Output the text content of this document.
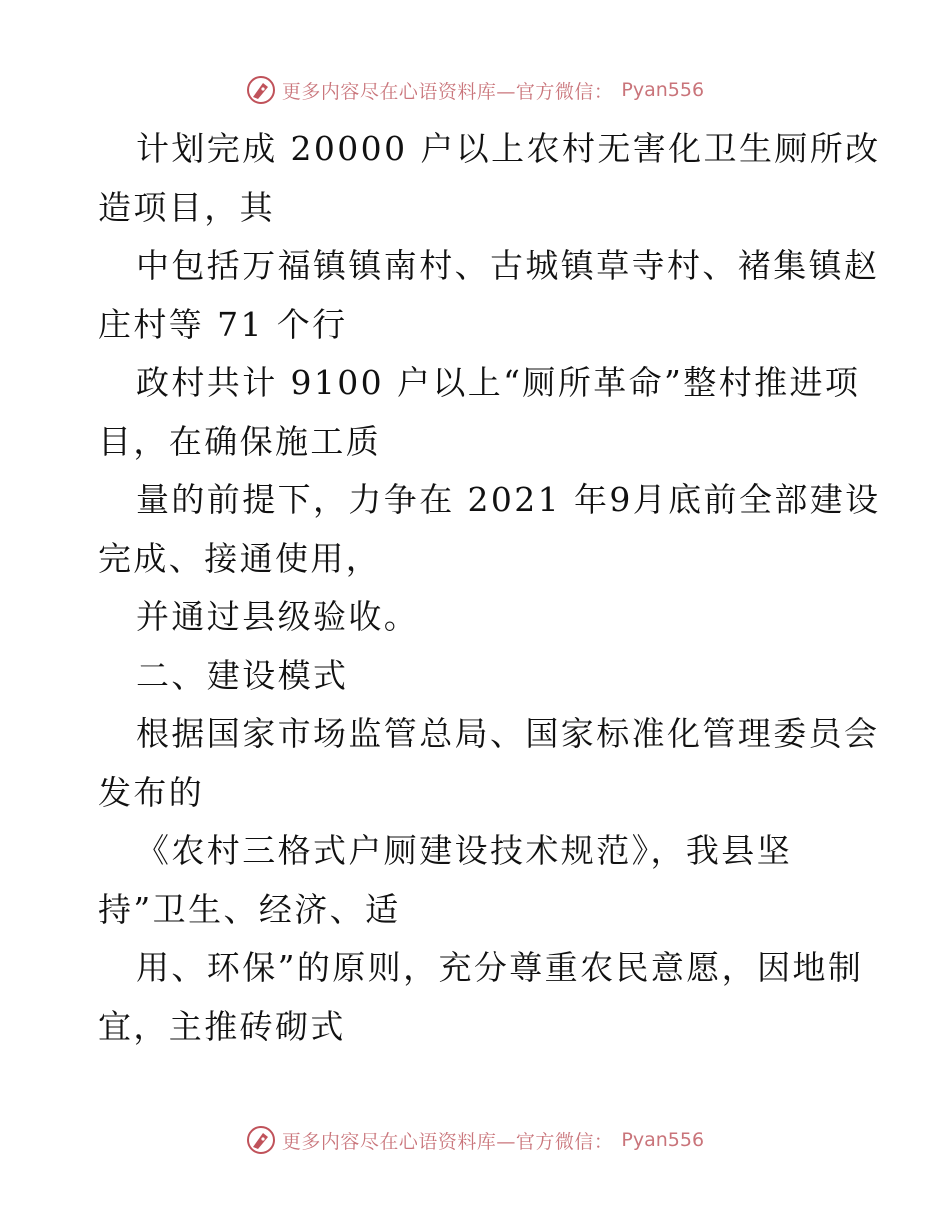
更多内容尽在心语资料库—官方微信： Pyan556
计划完成 20000 户以上农村无害化卫生厕所改
造项目，其
中包括万福镇镇南村、古城镇草寺村、褚集镇赵
庄村等 71 个行
政村共计 9100 户以上“厕所革命”整村推进项
目，在确保施工质
量的前提下，力争在 2021 年9月底前全部建设
完成、接通使用，
并通过县级验收。
二、建设模式
根据国家市场监管总局、国家标准化管理委员会
发布的
《农村三格式户厕建设技术规范》，我县坚
持”卫生、经济、适
用、环保”的原则，充分尊重农民意愿，因地制
宜，主推砖砌式
更多内容尽在心语资料库—官方微信： Pyan556
